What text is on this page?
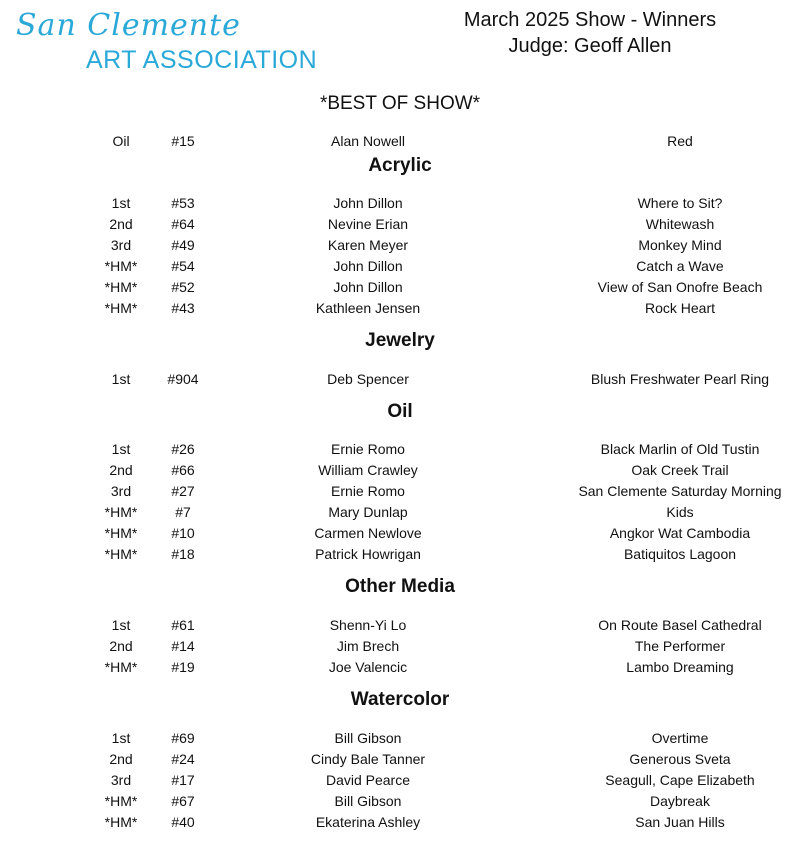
San Clemente
ART ASSOCIATION
March 2025 Show - Winners
Judge: Geoff Allen
*BEST OF SHOW*
Oil	#15	Alan Nowell	Red
Acrylic
1st	#53	John Dillon	Where to Sit?
2nd	#64	Nevine Erian	Whitewash
3rd	#49	Karen Meyer	Monkey Mind
*HM*	#54	John Dillon	Catch a Wave
*HM*	#52	John Dillon	View of San Onofre Beach
*HM*	#43	Kathleen Jensen	Rock Heart
Jewelry
1st	#904	Deb Spencer	Blush Freshwater Pearl Ring
Oil
1st	#26	Ernie Romo	Black Marlin of Old Tustin
2nd	#66	William Crawley	Oak Creek Trail
3rd	#27	Ernie Romo	San Clemente Saturday Morning
*HM*	#7	Mary Dunlap	Kids
*HM*	#10	Carmen Newlove	Angkor Wat Cambodia
*HM*	#18	Patrick Howrigan	Batiquitos Lagoon
Other Media
1st	#61	Shenn-Yi Lo	On Route Basel Cathedral
2nd	#14	Jim Brech	The Performer
*HM*	#19	Joe Valencic	Lambo Dreaming
Watercolor
1st	#69	Bill Gibson	Overtime
2nd	#24	Cindy Bale Tanner	Generous Sveta
3rd	#17	David Pearce	Seagull, Cape Elizabeth
*HM*	#67	Bill Gibson	Daybreak
*HM*	#40	Ekaterina Ashley	San Juan Hills
